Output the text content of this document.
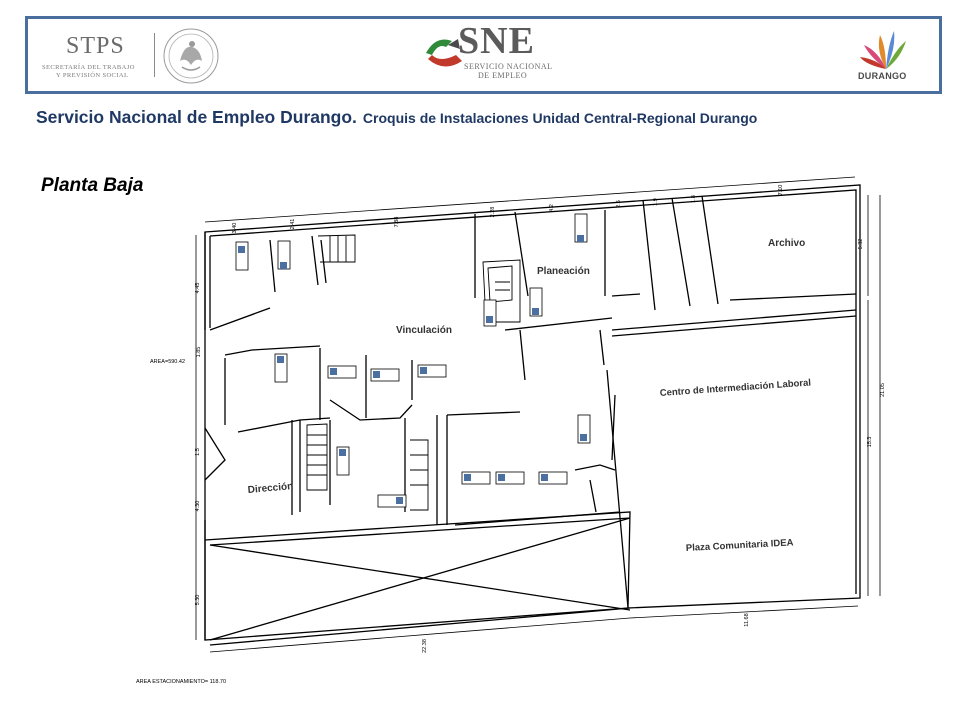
STPS
SECRETARÍA DEL TRABAJO
Y PREVISIÓN SOCIAL
SNE
SERVICIO NACIONAL
DE EMPLEO	DURANGO
Servicio Nacional de Empleo Durango. Croquis de Instalaciones Unidad Central-Regional Durango
Planta Baja
Archivo
Planeación
Vinculación
Centro de Intermediación Laboral
Dirección
Plaza Comunitaria IDEA
AREA=590.42
AREA ESTACIONAMIENTO= 118.70
3.40	2.41	7.88
2.28	4.2
2.5	1.9	1.8
7.10
4.45
1.85
1.5
4.30
5.30
5.32
21.05
15.3
22.38
11.68
